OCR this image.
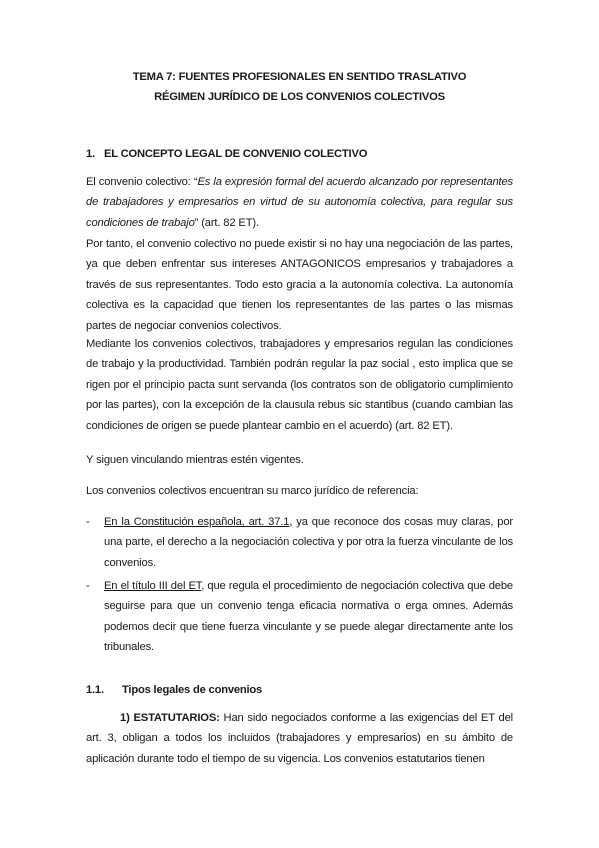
TEMA 7: FUENTES PROFESIONALES EN SENTIDO TRASLATIVO
RÉGIMEN JURÍDICO DE LOS CONVENIOS COLECTIVOS
1. EL CONCEPTO LEGAL DE CONVENIO COLECTIVO
El convenio colectivo: “Es la expresión formal del acuerdo alcanzado por representantes de trabajadores y empresarios en virtud de su autonomía colectiva, para regular sus condiciones de trabajo” (art. 82 ET).
Por tanto, el convenio colectivo no puede existir si no hay una negociación de las partes, ya que deben enfrentar sus intereses ANTAGONICOS empresarios y trabajadores a través de sus representantes. Todo esto gracia a la autonomía colectiva. La autonomía colectiva es la capacidad que tienen los representantes de las partes o las mismas partes de negociar convenios colectivos.
Mediante los convenios colectivos, trabajadores y empresarios regulan las condiciones de trabajo y la productividad. También podrán regular la paz social , esto implica que se rigen por el principio pacta sunt servanda (los contratos son de obligatorio cumplimiento por las partes), con la excepción de la clausula rebus sic stantibus (cuando cambian las condiciones de origen se puede plantear cambio en el acuerdo) (art. 82 ET).
Y siguen vinculando mientras estén vigentes.
Los convenios colectivos encuentran su marco jurídico de referencia:
- En la Constitución española, art. 37.1, ya que reconoce dos cosas muy claras, por una parte, el derecho a la negociación colectiva y por otra la fuerza vinculante de los convenios.
- En el título III del ET, que regula el procedimiento de negociación colectiva que debe seguirse para que un convenio tenga eficacia normativa o erga omnes. Además podemos decir que tiene fuerza vinculante y se puede alegar directamente ante los tribunales.
1.1. Tipos legales de convenios
1) ESTATUTARIOS: Han sido negociados conforme a las exigencias del ET del art. 3, obligan a todos los incluidos (trabajadores y empresarios) en su ámbito de aplicación durante todo el tiempo de su vigencia. Los convenios estatutarios tienen
